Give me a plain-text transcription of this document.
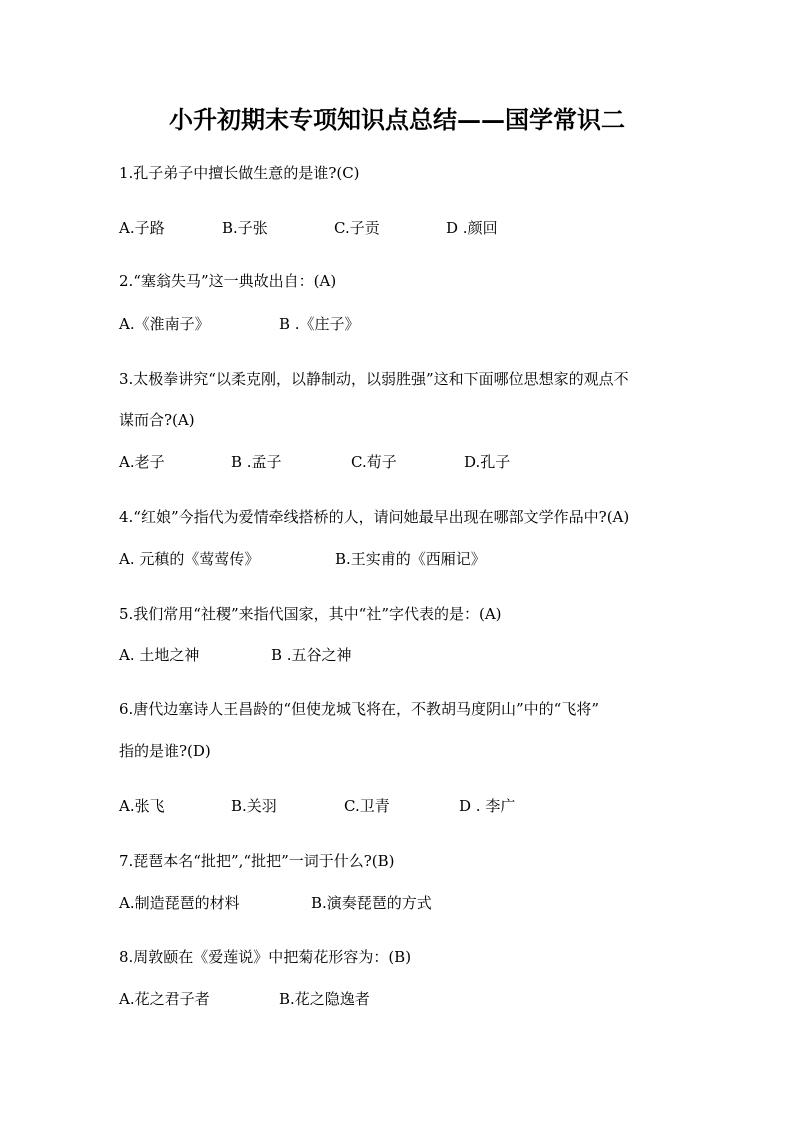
小升初期末专项知识点总结——国学常识二
1.孔子弟子中擅长做生意的是谁?(C)
A.子路	B.子张	C.子贡	D .颜回
2.“塞翁失马”这一典故出自：(A)
A.《淮南子》	B .《庄子》
3.太极拳讲究“以柔克刚，以静制动，以弱胜强”这和下面哪位思想家的观点不
谋而合?(A)
A.老子	B .孟子	C.荀子	D.孔子
4.“红娘”今指代为爱情牵线搭桥的人，请问她最早出现在哪部文学作品中?(A)
A. 元稹的《莺莺传》	B.王实甫的《西厢记》
5.我们常用“社稷”来指代国家，其中“社”字代表的是：(A)
A. 土地之神	B .五谷之神
6.唐代边塞诗人王昌龄的“但使龙城飞将在，不教胡马度阴山”中的“飞将”
指的是谁?(D)
A.张飞	B.关羽	C.卫青	D . 李广
7.琵琶本名“批把”,“批把”一词于什么?(B)
A.制造琵琶的材料	B.演奏琵琶的方式
8.周敦颐在《爱莲说》中把菊花形容为：(B)
A.花之君子者	B.花之隐逸者
